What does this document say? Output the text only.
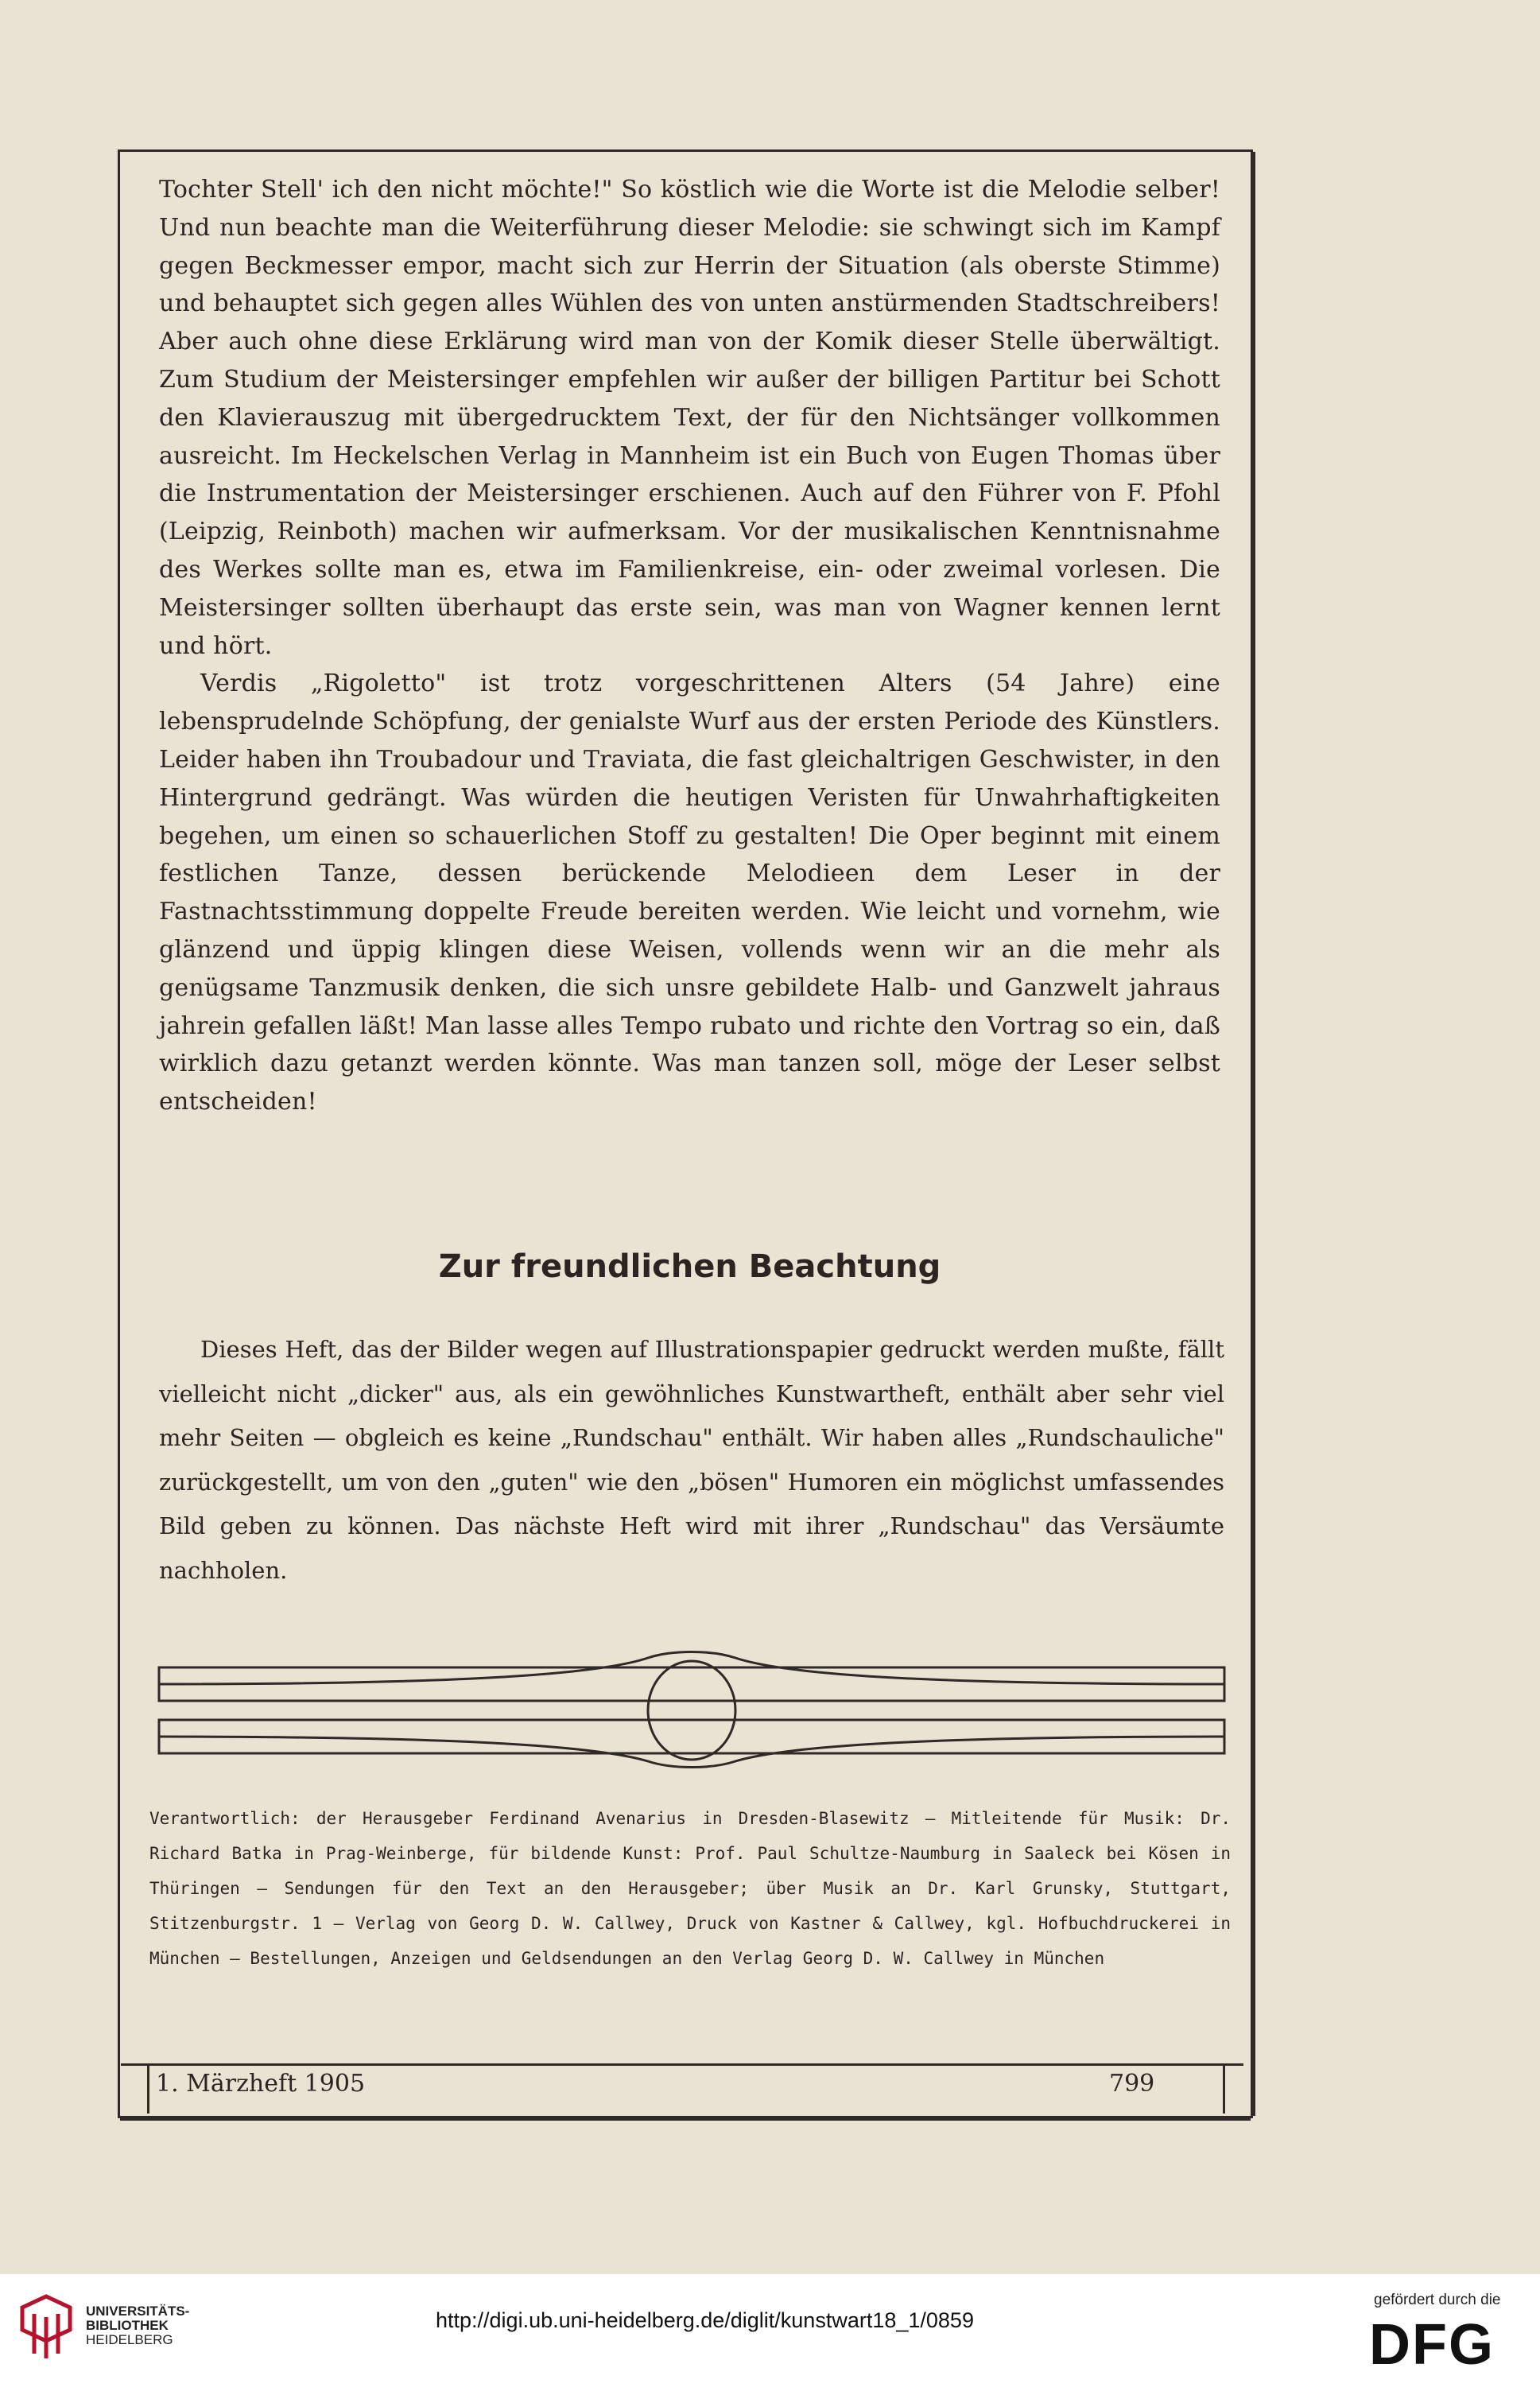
Tochter Stell' ich den nicht möchte!" So köstlich wie die Worte ist die Melodie selber! Und nun beachte man die Weiterführung dieser Melodie: sie schwingt sich im Kampf gegen Beckmesser empor, macht sich zur Herrin der Situation (als oberste Stimme) und behauptet sich gegen alles Wühlen des von unten anstürmenden Stadtschreibers! Aber auch ohne diese Erklärung wird man von der Komik dieser Stelle überwältigt. Zum Studium der Meistersinger empfehlen wir außer der billigen Partitur bei Schott den Klavierauszug mit übergedrucktem Text, der für den Nichtsänger vollkommen ausreicht. Im Heckelschen Verlag in Mannheim ist ein Buch von Eugen Thomas über die Instrumentation der Meistersinger erschienen. Auch auf den Führer von F. Pfohl (Leipzig, Reinboth) machen wir aufmerksam. Vor der musikalischen Kenntnisnahme des Werkes sollte man es, etwa im Familienkreise, ein- oder zweimal vorlesen. Die Meistersinger sollten überhaupt das erste sein, was man von Wagner kennen lernt und hört.

Verdis „Rigoletto" ist trotz vorgeschrittenen Alters (54 Jahre) eine lebensprudelnde Schöpfung, der genialste Wurf aus der ersten Periode des Künstlers. Leider haben ihn Troubadour und Traviata, die fast gleichaltrigen Geschwister, in den Hintergrund gedrängt. Was würden die heutigen Veristen für Unwahrhaftigkeiten begehen, um einen so schauerlichen Stoff zu gestalten! Die Oper beginnt mit einem festlichen Tanze, dessen berückende Melodieen dem Leser in der Fastnachtsstimmung doppelte Freude bereiten werden. Wie leicht und vornehm, wie glänzend und üppig klingen diese Weisen, vollends wenn wir an die mehr als genügsame Tanzmusik denken, die sich unsre gebildete Halb- und Ganzwelt jahraus jahrein gefallen läßt! Man lasse alles Tempo rubato und richte den Vortrag so ein, daß wirklich dazu getanzt werden könnte. Was man tanzen soll, möge der Leser selbst entscheiden!

Zur freundlichen Beachtung

Dieses Heft, das der Bilder wegen auf Illustrationspapier gedruckt werden mußte, fällt vielleicht nicht „dicker" aus, als ein gewöhnliches Kunstwartheft, enthält aber sehr viel mehr Seiten — obgleich es keine „Rundschau" enthält. Wir haben alles „Rundschauliche" zurückgestellt, um von den „guten" wie den „bösen" Humoren ein möglichst umfassendes Bild geben zu können. Das nächste Heft wird mit ihrer „Rundschau" das Versäumte nachholen.

Verantwortlich: der Herausgeber Ferdinand Avenarius in Dresden-Blasewitz – Mitleitende für Musik: Dr. Richard Batka in Prag-Weinberge, für bildende Kunst: Prof. Paul Schultze-Naumburg in Saaleck bei Kösen in Thüringen — Sendungen für den Text an den Herausgeber; über Musik an Dr. Karl Grunsky, Stuttgart, Stitzenburgstr. 1 — Verlag von Georg D. W. Callwey, Druck von Kastner & Callwey, kgl. Hofbuchdruckerei in München — Bestellungen, Anzeigen und Geldsendungen an den Verlag Georg D. W. Callwey in München

1. Märzheft 1905	799
UNIVERSITÄTS-
BIBLIOTHEK
HEIDELBERG
http://digi.ub.uni-heidelberg.de/diglit/kunstwart18_1/0859
gefördert durch die
DFG
